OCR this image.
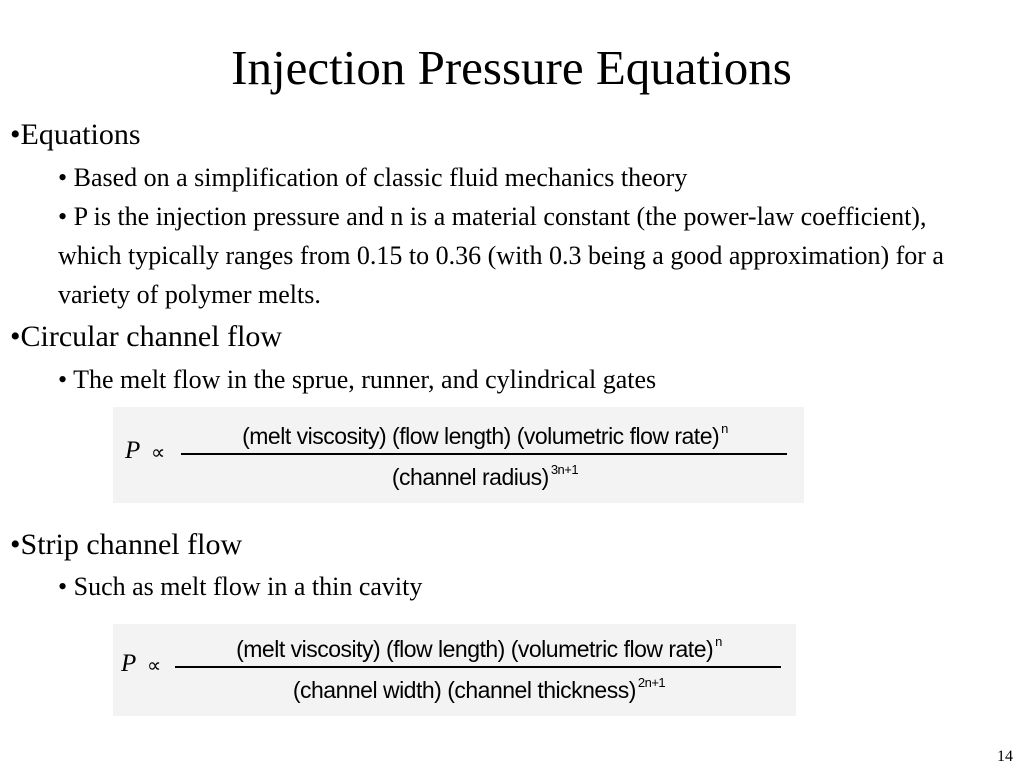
Injection Pressure Equations
•Equations
• Based on a simplification of classic fluid mechanics theory
• P is the injection pressure and n is a material constant (the power-law coefficient), which typically ranges from 0.15 to 0.36 (with 0.3 being a good approximation) for a variety of polymer melts.
•Circular channel flow
• The melt flow in the sprue, runner, and cylindrical gates
P ∝
(melt viscosity) (flow length) (volumetric flow rate) $^n$
(channel radius) $^{3n+1}$
•Strip channel flow
• Such as melt flow in a thin cavity
P ∝
(melt viscosity) (flow length) (volumetric flow rate) $^n$
(channel width) (channel thickness) $^{2n+1}$
14
